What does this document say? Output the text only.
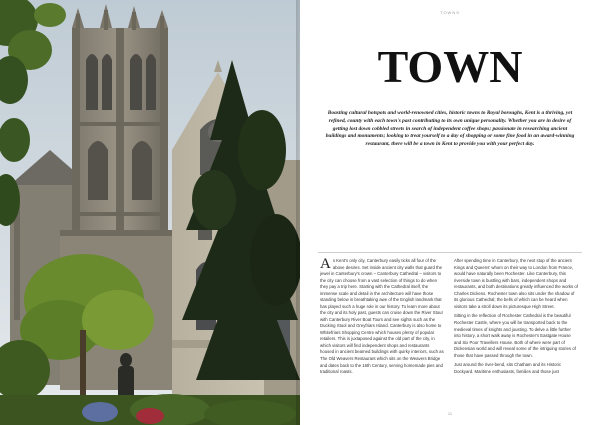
TOWNS
TOWN

Boasting cultural hotspots and world-renowned cities, historic towns to Royal boroughs, Kent is a thriving, yet refined, county with each town's past contributing to its own unique personality. Whether you are in desire of getting lost down cobbled streets in search of independent coffee shops; passionate in researching ancient buildings and monuments; looking to treat yourself to a day of shopping or some fine food in an award-winning restaurant, there will be a town in Kent to provide you with your perfect day.

As Kent's only city, Canterbury easily ticks all four of the above desires. Set inside ancient city walls that guard the jewel in Canterbury's crown – Canterbury Cathedral – visitors to the city can choose from a vast selection of things to do when they pay a trip here. Starting with the Cathedral itself, the immense scale and detail in the architecture will have those standing below in breathtaking awe of the English landmark that has played such a huge role in our history. To learn more about the city and its holy past, guests can cruise down the River Stour with Canterbury River Boat Tours and see sights such as the Ducking Stool and Greyfriars Island. Canterbury is also home to Whitefriars Shopping Centre which houses plenty of popular retailers. This is juxtaposed against the old part of the city, in which visitors will find independent shops and restaurants housed in ancient beamed buildings with quirky interiors, such as The Old Weavers Restaurant which sits on the Weavers Bridge and dates back to the 16th Century, serving homemade pies and traditional roasts.

After spending time in Canterbury, the next stop of the ancient Kings and Queens' whom on their way to London from France, would have naturally been Rochester. Like Canterbury, this riverside town is bustling with bars, independent shops and restaurants, and both destinations greatly influenced the works of Charles Dickens. Rochester town also sits under the shadow of its glorious Cathedral; the bells of which can be heard when visitors take a stroll down its picturesque High Street.

Sitting in the reflection of Rochester Cathedral is the beautiful Rochester Castle, where you will be transported back to the medieval times of knights and jousting. To delve a little further into history, a short walk away is Rochester's Eastgate House and Six Poor Travellers House. Both of where were part of Dickensian world and will reveal some of the intriguing stories of those that have passed through the town.

Just around the river-bend, sits Chatham and its Historic Dockyard. Maritime enthusiasts, families and those just

11
